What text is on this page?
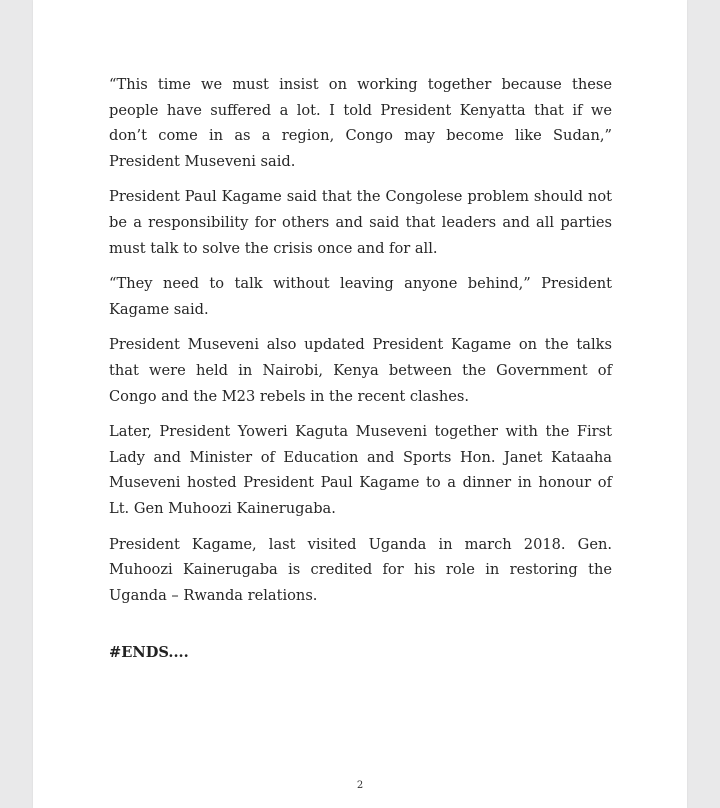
“This time we must insist on working together because these people have suffered a lot. I told President Kenyatta that if we don’t come in as a region, Congo may become like Sudan,” President Museveni said.

President Paul Kagame said that the Congolese problem should not be a responsibility for others and said that leaders and all parties must talk to solve the crisis once and for all.

“They need to talk without leaving anyone behind,” President Kagame said.

President Museveni also updated President Kagame on the talks that were held in Nairobi, Kenya between the Government of Congo and the M23 rebels in the recent clashes.

Later, President Yoweri Kaguta Museveni together with the First Lady and Minister of Education and Sports Hon. Janet Kataaha Museveni hosted President Paul Kagame to a dinner in honour of Lt. Gen Muhoozi Kainerugaba.

President Kagame, last visited Uganda in march 2018. Gen. Muhoozi Kainerugaba is credited for his role in restoring the Uganda – Rwanda relations.

#ENDS....

2
